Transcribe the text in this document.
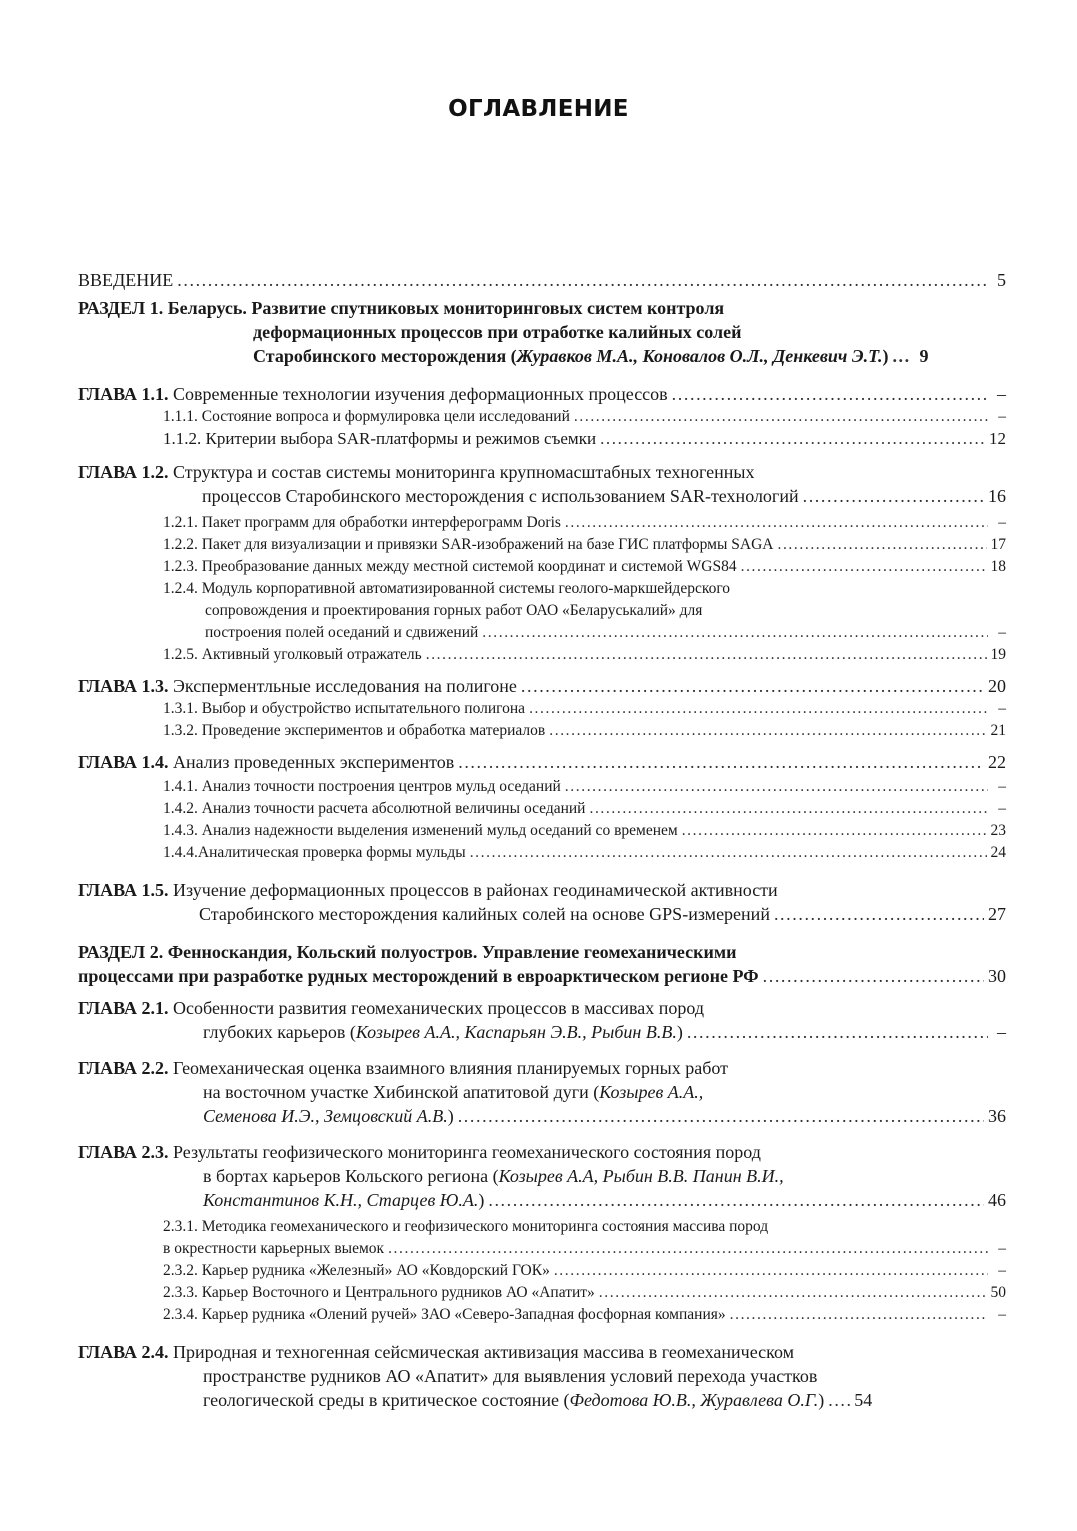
ОГЛАВЛЕНИЕ
ВВЕДЕНИЕ .....	5
РАЗДЕЛ 1. Беларусь. Развитие спутниковых мониторинговых систем контроля
деформационных процессов при отработке калийных солей
Старобинского месторождения (Журавков М.А., Коновалов О.Л., Денкевич Э.Т.) ..... 9
ГЛАВА 1.1. Современные технологии изучения деформационных процессов .....	–
1.1.1. Состояние вопроса и формулировка цели исследований .....	–
1.1.2. Критерии выбора SAR-платформы и режимов съемки .....	12
ГЛАВА 1.2. Структура и состав системы мониторинга крупномасштабных техногенных
процессов Старобинского месторождения с использованием SAR-технологий .....	16
1.2.1. Пакет программ для обработки интерферограмм Doris .....	–
1.2.2. Пакет для визуализации и привязки SAR-изображений на базе ГИС платформы SAGA .....	17
1.2.3. Преобразование данных между местной системой координат и системой WGS84 .....	18
1.2.4. Модуль корпоративной автоматизированной системы геолого-маркшейдерского
сопровождения и проектирования горных работ ОАО «Беларуськалий» для
построения полей оседаний и сдвижений .....	–
1.2.5. Активный уголковый отражатель .....	19
ГЛАВА 1.3. Эксперментльные исследования на полигоне .....	20
1.3.1. Выбор и обустройство испытательного полигона .....	–
1.3.2. Проведение экспериментов и обработка материалов .....	21
ГЛАВА 1.4. Анализ проведенных экспериментов .....	22
1.4.1. Анализ точности построения центров мульд оседаний .....	–
1.4.2. Анализ точности расчета абсолютной величины оседаний .....	–
1.4.3. Анализ надежности выделения изменений мульд оседаний со временем .....	23
1.4.4.Аналитическая проверка формы мульды .....	24
ГЛАВА 1.5. Изучение деформационных процессов в районах геодинамической активности
Старобинского месторождения калийных солей на основе GPS-измерений .....	27
РАЗДЕЛ 2. Фенноскандия, Кольский полуостров. Управление геомеханическими
процессами при разработке рудных месторождений в евроарктическом регионе РФ .....	30
ГЛАВА 2.1. Особенности развития геомеханических процессов в массивах пород
глубоких карьеров (Козырев А.А., Каспарьян Э.В., Рыбин В.В.) .....	–
ГЛАВА 2.2. Геомеханическая оценка взаимного влияния планируемых горных работ
на восточном участке Хибинской апатитовой дуги (Козырев А.А.,
Семенова И.Э., Земцовский А.В.) .....	36
ГЛАВА 2.3. Результаты геофизического мониторинга геомеханического состояния пород
в бортах карьеров Кольского региона (Козырев А.А, Рыбин В.В. Панин В.И.,
Константинов К.Н., Старцев Ю.А.) .....	46
2.3.1. Методика геомеханического и геофизического мониторинга состояния массива пород
в окрестности карьерных выемок .....	–
2.3.2. Карьер рудника «Железный» АО «Ковдорский ГОК» .....	–
2.3.3. Карьер Восточного и Центрального рудников АО «Апатит» .....	50
2.3.4. Карьер рудника «Олений ручей» ЗАО «Северо-Западная фосфорная компания» .....	–
ГЛАВА 2.4. Природная и техногенная сейсмическая активизация массива в геомеханическом
пространстве рудников АО «Апатит» для выявления условий перехода участков
геологической среды в критическое состояние (Федотова Ю.В., Журавлева О.Г.) ..... 54
